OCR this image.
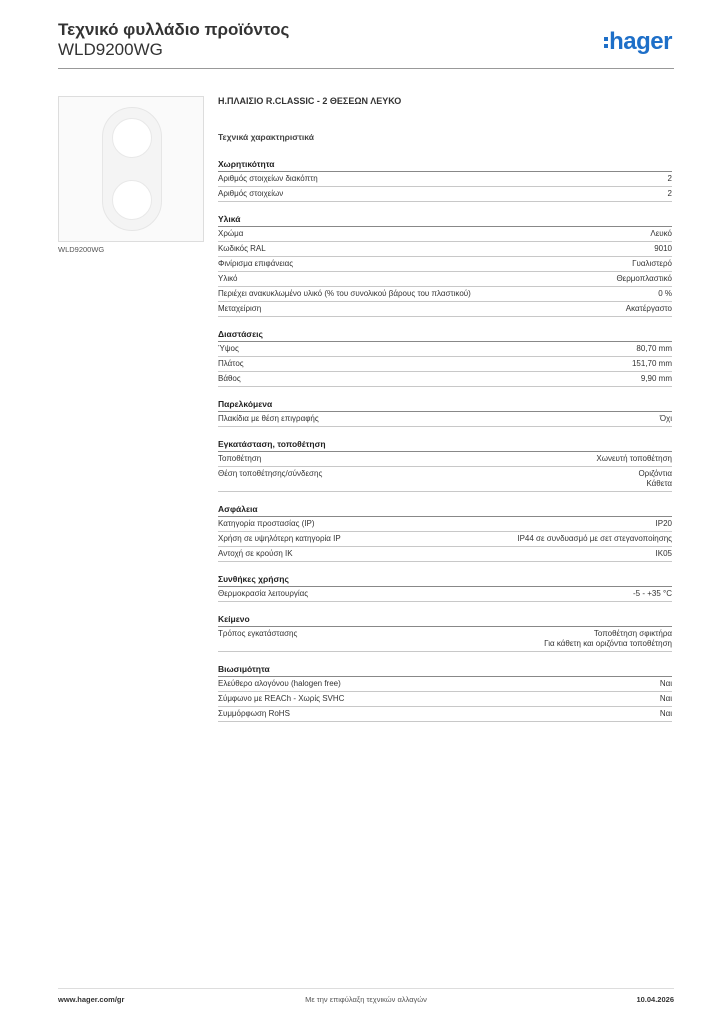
Τεχνικό φυλλάδιο προϊόντος
WLD9200WG	hager
WLD9200WG
Η.ΠΛΑΙΣΙΟ R.CLASSIC - 2 ΘΕΣΕΩΝ ΛΕΥΚΟ
Τεχνικά χαρακτηριστικά
Χωρητικότητα
Αριθμός στοιχείων διακόπτη	2
Αριθμός στοιχείων	2
Υλικά
Χρώμα	Λευκό
Κωδικός RAL	9010
Φινίρισμα επιφάνειας	Γυαλιστερό
Υλικό	Θερμοπλαστικό
Περιέχει ανακυκλωμένο υλικό (% του συνολικού βάρους του πλαστικού)	0 %
Μεταχείριση	Ακατέργαστο
Διαστάσεις
Ύψος	80,70 mm
Πλάτος	151,70 mm
Βάθος	9,90 mm
Παρελκόμενα
Πλακίδια με θέση επιγραφής	Όχι
Εγκατάσταση, τοποθέτηση
Τοποθέτηση	Χωνευτή τοποθέτηση
Θέση τοποθέτησης/σύνδεσης	Οριζόντια
Κάθετα
Ασφάλεια
Κατηγορία προστασίας (IP)	IP20
Χρήση σε υψηλότερη κατηγορία IP	IP44 σε συνδυασμό με σετ στεγανοποίησης
Αντοχή σε κρούση IK	IK05
Συνθήκες χρήσης
Θερμοκρασία λειτουργίας	-5 - +35 °C
Κείμενο
Τρόπος εγκατάστασης	Τοποθέτηση σφικτήρα
Για κάθετη και οριζόντια τοποθέτηση
Βιωσιμότητα
Ελεύθερο αλογόνου (halogen free)	Ναι
Σύμφωνο με REACh - Χωρίς SVHC	Ναι
Συμμόρφωση RoHS	Ναι
Με την επιφύλαξη τεχνικών αλλαγών
www.hager.com/gr	10.04.2026
